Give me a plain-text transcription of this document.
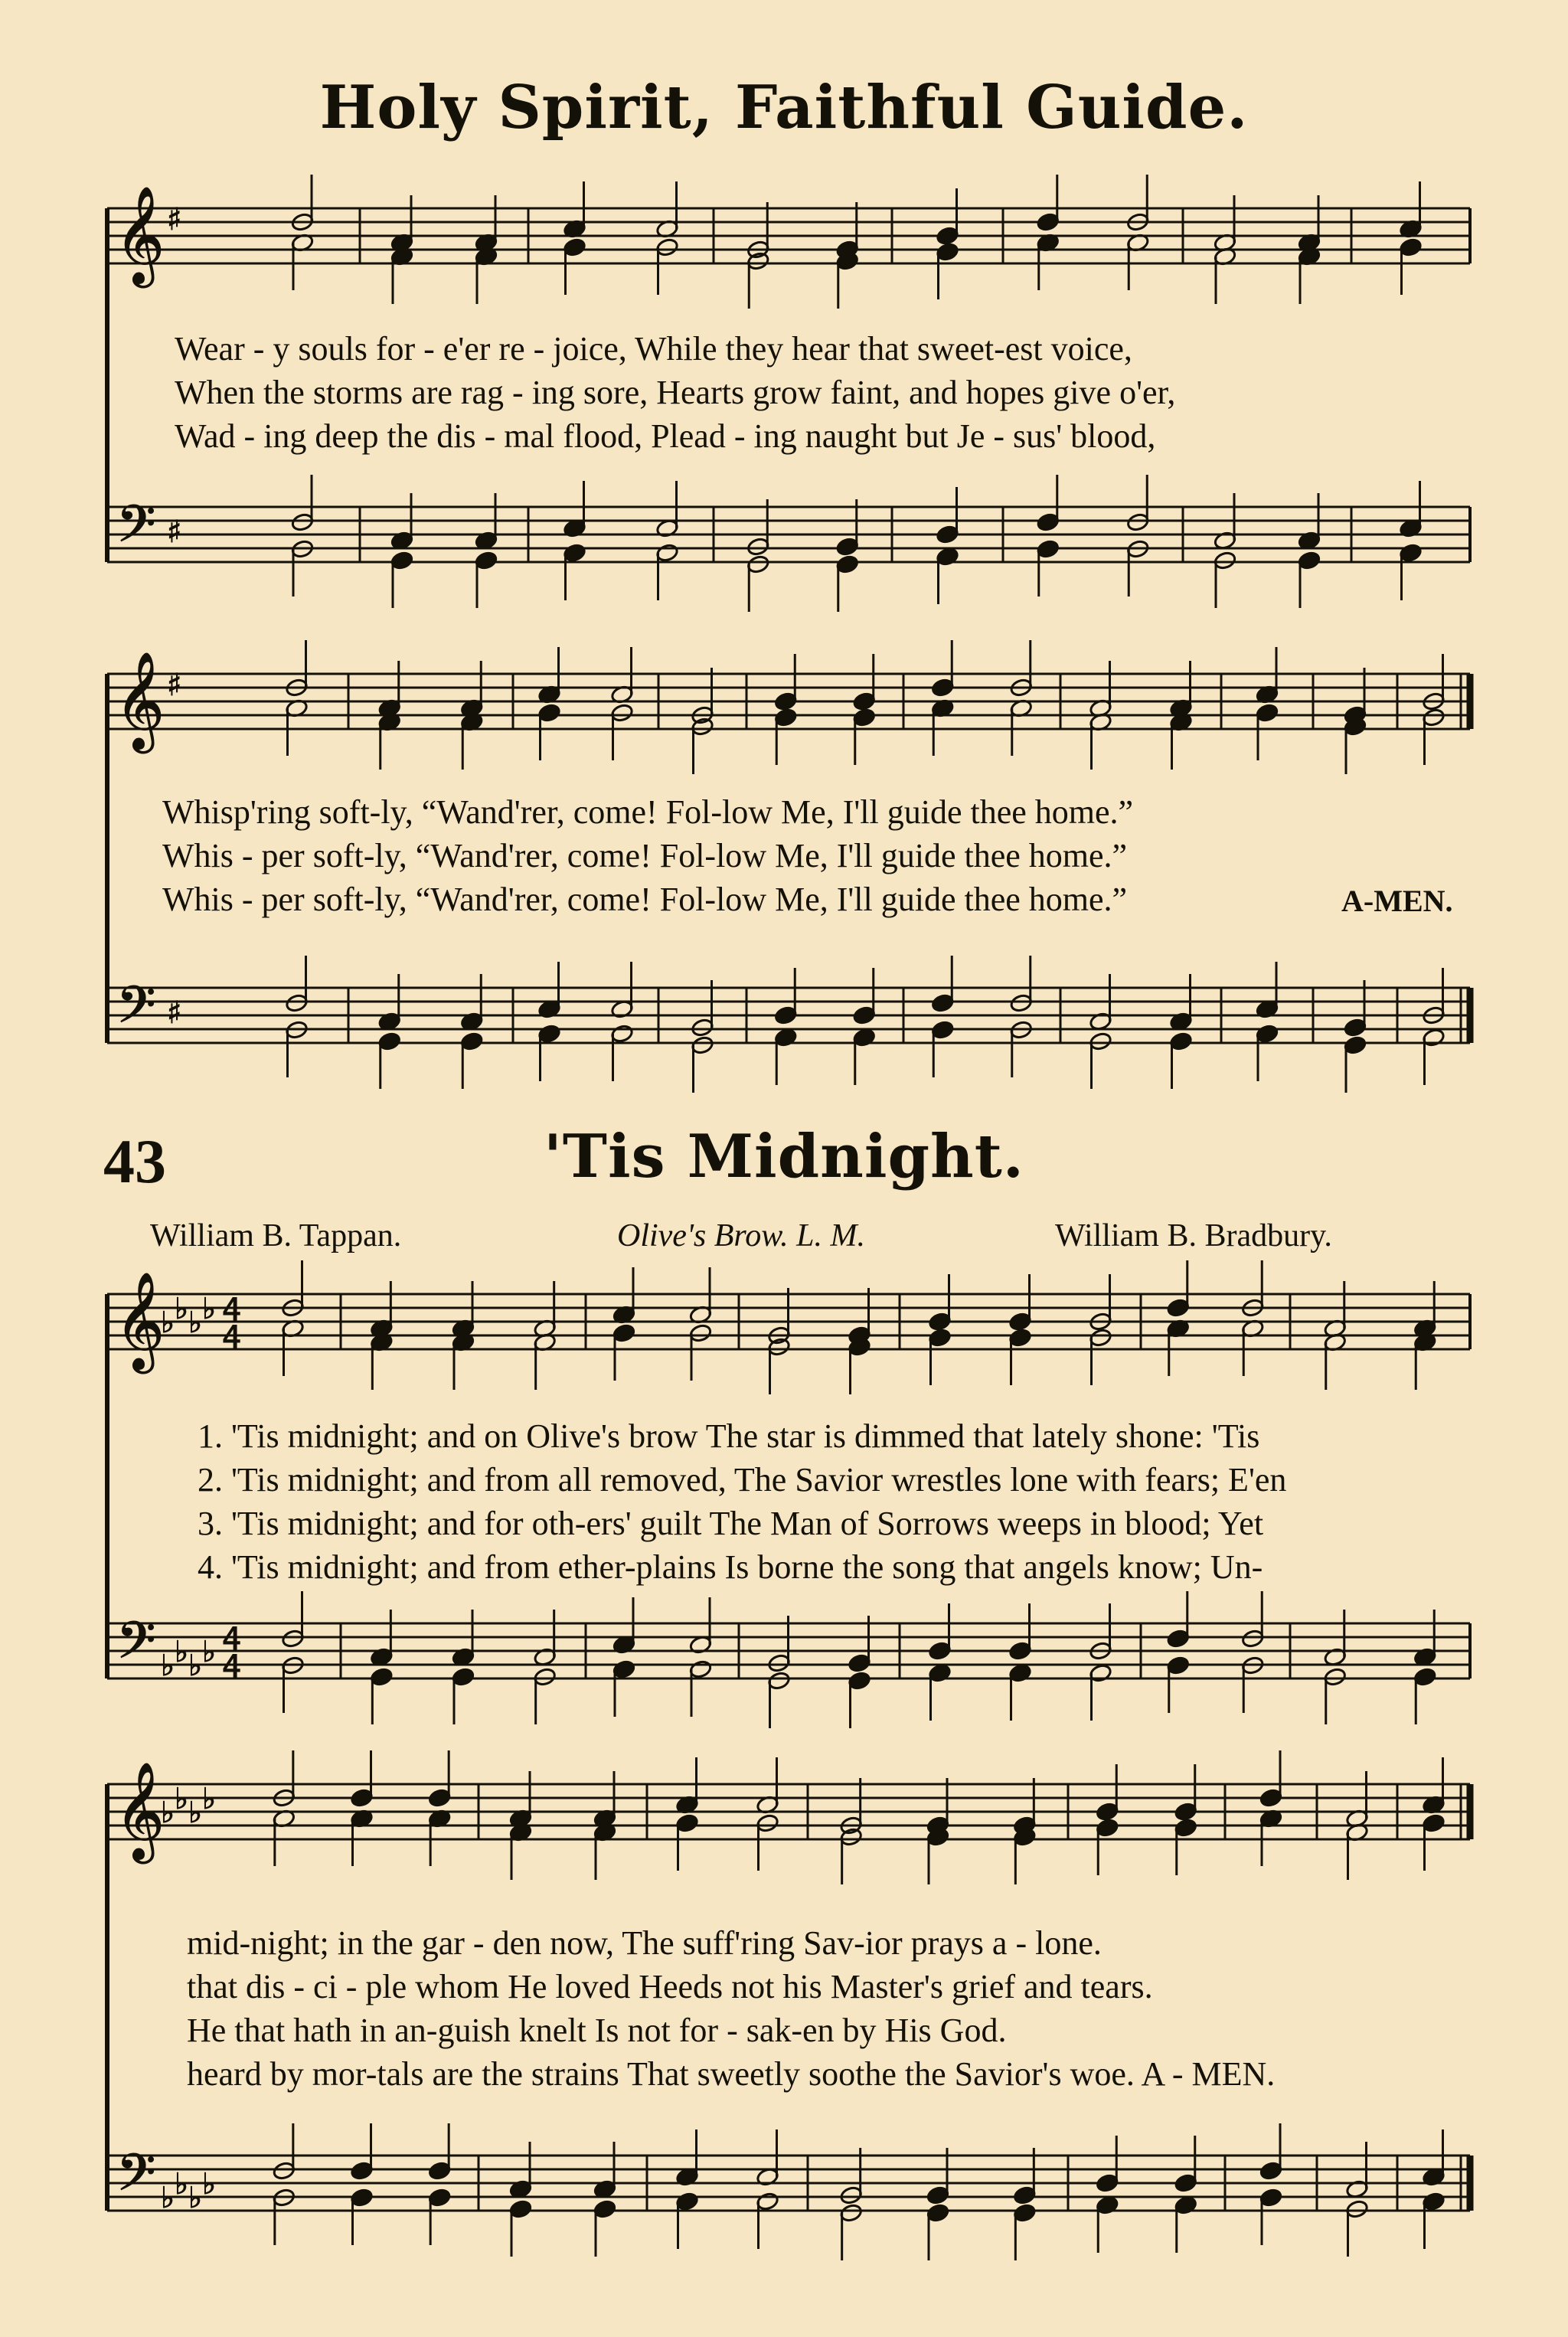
𝄞
𝄢
♯
♯
𝄞
𝄢
♯
♯
𝄞
𝄢
♭
♭
♭
♭
♭
♭
♭
♭
𝄞
𝄢
♭
♭
♭
♭
♭
♭
♭
♭
4
4
4
4
Holy Spirit, Faithful Guide.
Wear - y souls for - e'er re - joice, While they hear that sweet-est voice,
When the storms are rag - ing sore, Hearts grow faint, and hopes give o'er,
Wad - ing deep the dis - mal flood, Plead - ing naught but Je - sus' blood,
Whisp'ring soft-ly, “Wand'rer, come! Fol-low Me, I'll guide thee home.”
Whis - per soft-ly, “Wand'rer, come! Fol-low Me, I'll guide thee home.”
Whis - per soft-ly, “Wand'rer, come! Fol-low Me, I'll guide thee home.”	A-MEN.
43	'Tis Midnight.
William B. Tappan.	Olive's Brow. L. M.	William B. Bradbury.
1. 'Tis midnight; and on Olive's brow The star is dimmed that lately shone: 'Tis
2. 'Tis midnight; and from all removed, The Savior wrestles lone with fears; E'en
3. 'Tis midnight; and for oth-ers' guilt The Man of Sorrows weeps in blood; Yet
4. 'Tis midnight; and from ether-plains Is borne the song that angels know; Un-
mid-night; in the gar - den now, The suff'ring Sav-ior prays a - lone.
that dis - ci - ple whom He loved Heeds not his Master's grief and tears.
He that hath in an-guish knelt Is not for - sak-en by His God.
heard by mor-tals are the strains That sweetly soothe the Savior's woe. A - MEN.
